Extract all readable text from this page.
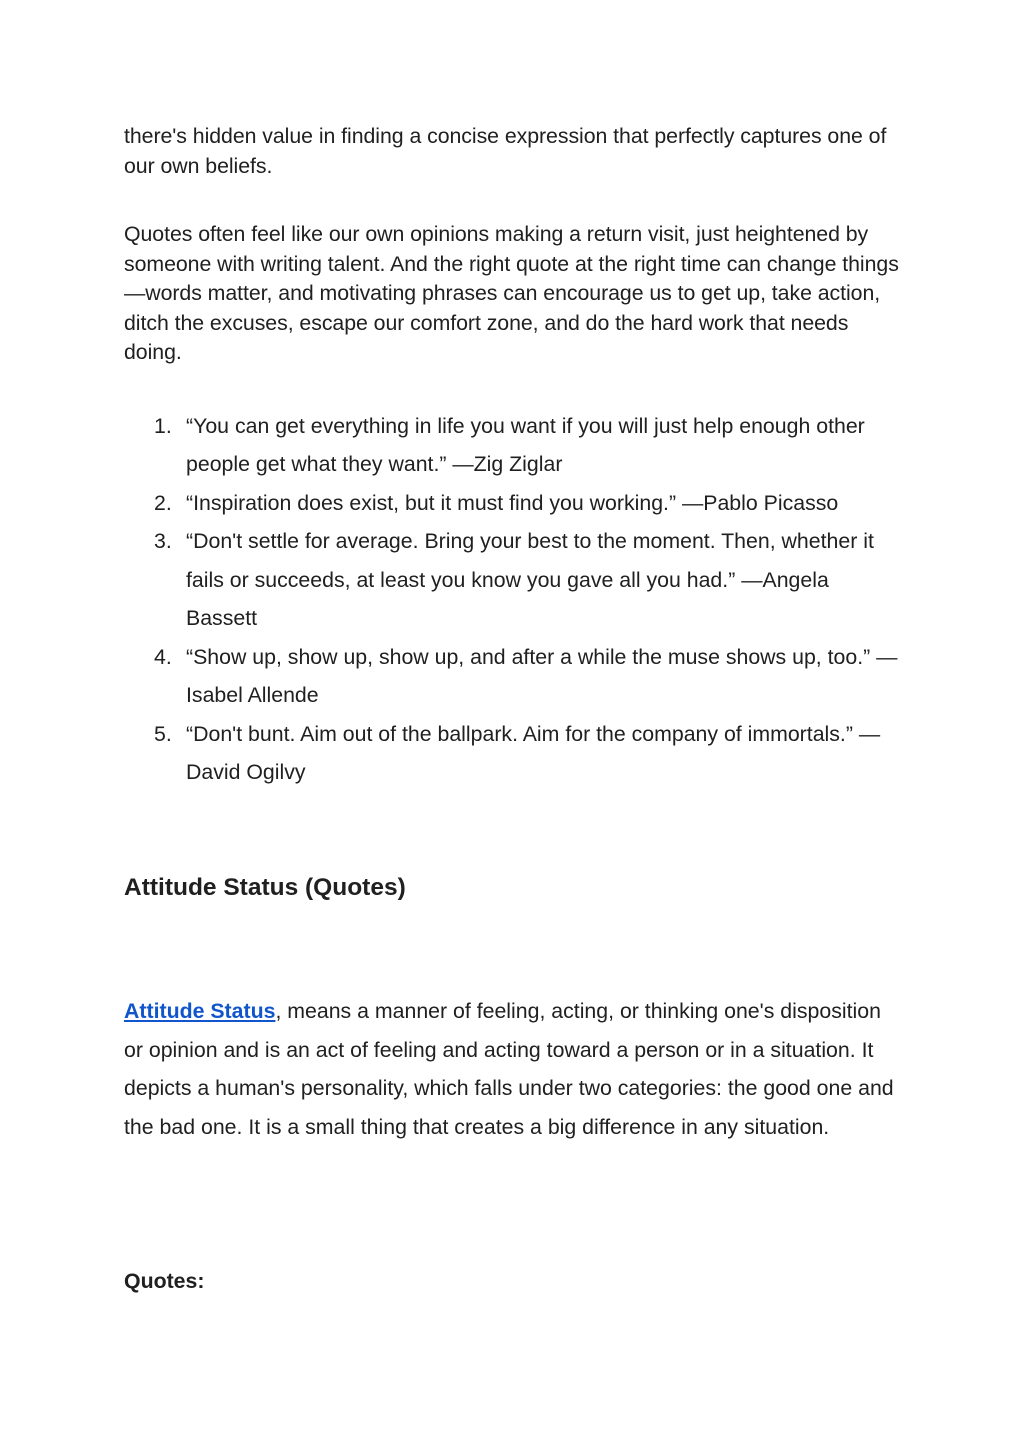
there's hidden value in finding a concise expression that perfectly captures one of our own beliefs.

Quotes often feel like our own opinions making a return visit, just heightened by someone with writing talent. And the right quote at the right time can change things—words matter, and motivating phrases can encourage us to get up, take action, ditch the excuses, escape our comfort zone, and do the hard work that needs doing.

1. “You can get everything in life you want if you will just help enough other people get what they want.” —Zig Ziglar
2. “Inspiration does exist, but it must find you working.” —Pablo Picasso
3. “Don't settle for average. Bring your best to the moment. Then, whether it fails or succeeds, at least you know you gave all you had.” —Angela Bassett
4. “Show up, show up, show up, and after a while the muse shows up, too.” —Isabel Allende
5. “Don't bunt. Aim out of the ballpark. Aim for the company of immortals.” —David Ogilvy
Attitude Status (Quotes)

Attitude Status, means a manner of feeling, acting, or thinking one's disposition or opinion and is an act of feeling and acting toward a person or in a situation. It depicts a human's personality, which falls under two categories: the good one and the bad one. It is a small thing that creates a big difference in any situation.

Quotes:
